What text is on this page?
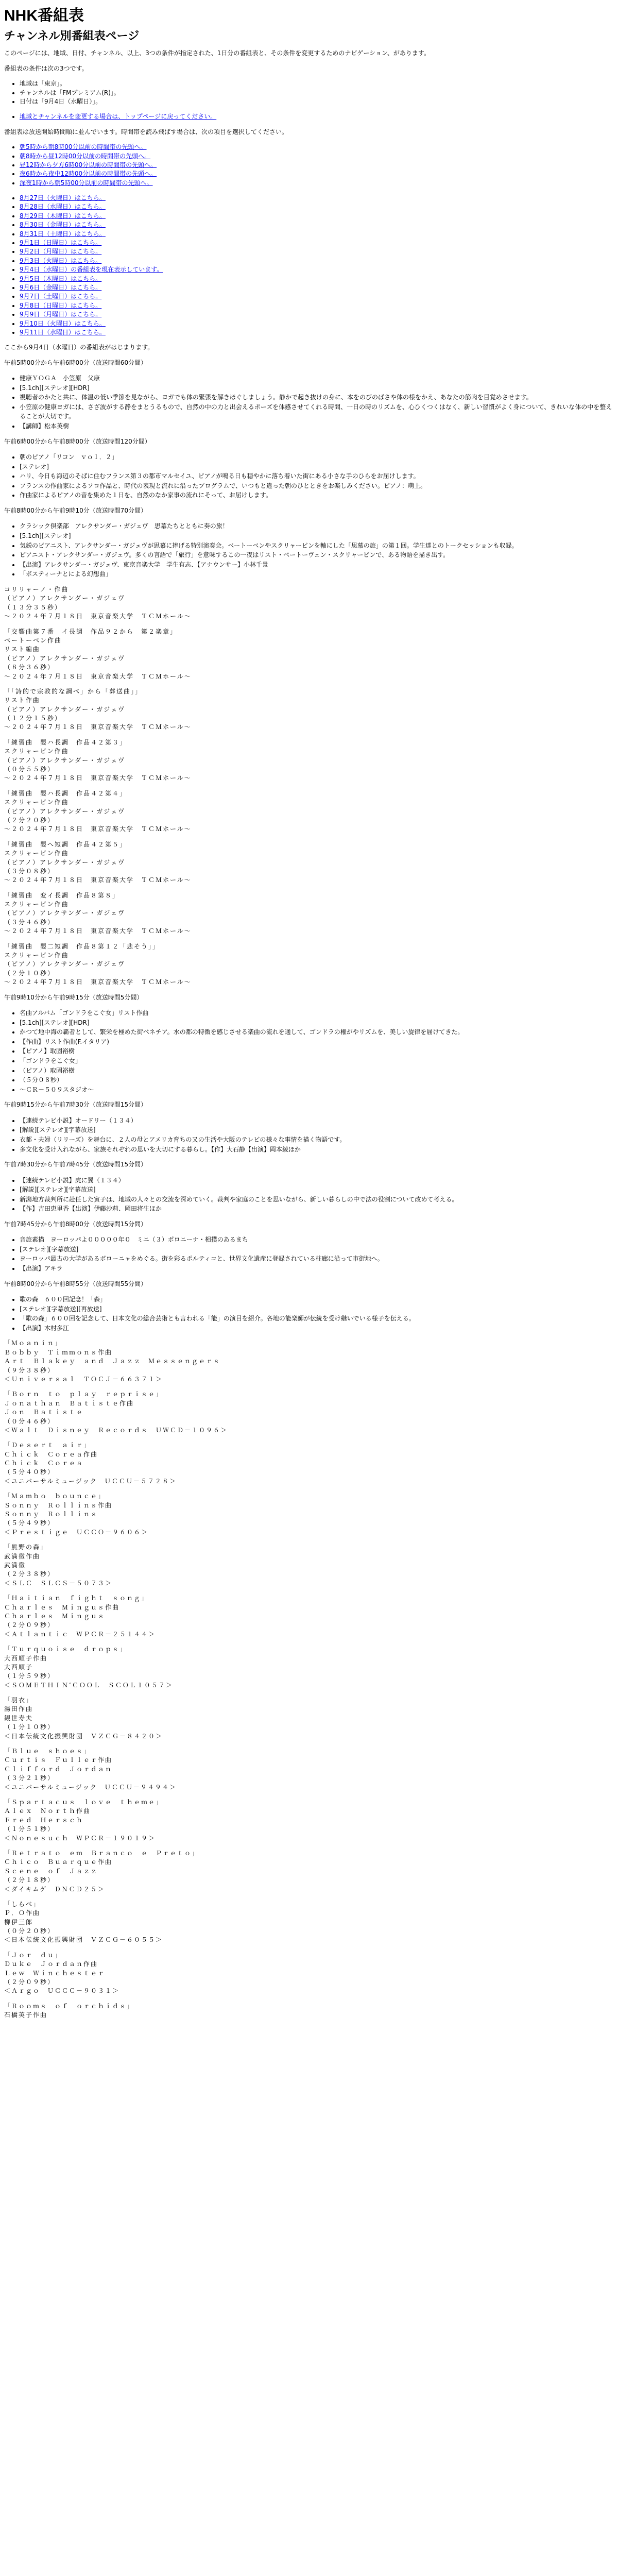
NHK番組表
チャンネル別番組表ページ

このページには、地域、日付、チャンネル、以上、3つの条件が指定された、1日分の番組表と、その条件を変更するためのナビゲーション、があります。

番組表の条件は次の3つです。

• 地域は「東京」。
• チャンネルは「FMプレミアム(R)」。
• 日付は「9月4日（水曜日）」。
• 地域とチャンネルを変更する場合は、トップページに戻ってください。

番組表は放送開始時間順に並んでいます。時間帯を読み飛ばす場合は、次の項目を選択してください。

• 朝5時から朝8時00分以前の時間帯の先頭へ。
• 朝8時から昼12時00分以前の時間帯の先頭へ。
• 昼12時から夕方6時00分以前の時間帯の先頭へ。
• 夜6時から夜中12時00分以前の時間帯の先頭へ。
• 深夜1時から朝5時00分以前の時間帯の先頭へ。
• 8月27日（火曜日）はこちら。
• 8月28日（水曜日）はこちら。
• 8月29日（木曜日）はこちら。
• 8月30日（金曜日）はこちら。
• 8月31日（土曜日）はこちら。
• 9月1日（日曜日）はこちら。
• 9月2日（月曜日）はこちら。
• 9月3日（火曜日）はこちら。
• 9月4日（水曜日）の番組表を現在表示しています。
• 9月5日（木曜日）はこちら。
• 9月6日（金曜日）はこちら。
• 9月7日（土曜日）はこちら。
• 9月8日（日曜日）はこちら。
• 9月9日（月曜日）はこちら。
• 9月10日（火曜日）はこちら。
• 9月11日（水曜日）はこちら。

ここから9月4日（水曜日）の番組表がはじまります。

午前5時00分から午前6時00分（放送時間60分間）

• 健康ＹＯＧＡ　小笠原　父康
• [5.1ch][ステレオ][HDR]
• 視聴者のかたと共に、体温の低い季節を見ながら、ヨガでも体の緊張を解きほぐしましょう。静かで起き抜けの身に、本をのびのばさや体の様をかえ、あなたの筋肉を目覚めさせます。
• 小笠原の健康ヨガには、さざ波がする静をまとうるもので、自然の中の力と出会えるポーズを体感させてくれる時間、一日の時のリズムを、心ひくつくはなく、新しい習慣がよく身について、きれいな体の中を整えることが大切です。
• 【講師】松本英樹

午前6時00分から午前8時00分（放送時間120分間）

• 朝のピアノ「リコン　ｖｏｌ．２」
• [ステレオ]
• ハリ、今日も海辺のそばに住むフランス第３の都市マルセイユ、ピアノが鳴る日も穏やかに落ち着いた街にある小さな手のひらをお届けします。
• フランスの作曲家によるソロ作品と、時代の表現と流れに沿ったプログラムで、いつもと違った朝のひとときをお楽しみください。ピアノ：萌上。
• 作曲家によるピアノの音を集めた１日を、自然のなか家事の流れにそって、お届けします。

午前8時00分から午前9時10分（放送時間70分間）

• クラシック倶楽部　アレクサンダー・ガジェヴ　思慕たちとともに奏の旅！
• [5.1ch][ステレオ]
• 気鋭のピアニスト、アレクサンダー・ガジェヴが思慕に捧げる特別演奏会。ベートーベンやスクリャービンを軸にした「思慕の旅」の第１回。学生達とのトークセッションも収録。
• ピアニスト・アレクサンダー・ガジェヴ。多くの言語で「旅行」を意味するこの一夜はリスト・ベートーヴェン・スクリャービンで、ある物語を描き出す。
• 【出演】アレクサンダー・ガジェヴ、東京音楽大学　学生有志、【アナウンサー】小林千景
• 「ボスティーナとによる幻想曲」
コリリャーノ・作曲
（ピアノ）アレクサンダー・ガジェヴ
（１３分３５秒）
～２０２４年７月１８日　東京音楽大学　ＴＣＭホール～
「交響曲第７番　イ長調　作品９２から　第２楽章」
ベートーベン作曲
リスト編曲
（ピアノ）アレクサンダー・ガジェヴ
（８分３６秒）
～２０２４年７月１８日　東京音楽大学　ＴＣＭホール～
「「詩的で宗教的な調べ」から「葬送曲」」
リスト作曲
（ピアノ）アレクサンダー・ガジェヴ
（１２分１５秒）
～２０２４年７月１８日　東京音楽大学　ＴＣＭホール～
「練習曲　嬰ハ長調　作品４２第３」
スクリャービン作曲
（ピアノ）アレクサンダー・ガジェヴ
（０分５５秒）
～２０２４年７月１８日　東京音楽大学　ＴＣＭホール～
「練習曲　嬰ハ長調　作品４２第４」
スクリャービン作曲
（ピアノ）アレクサンダー・ガジェヴ
（２分２０秒）
～２０２４年７月１８日　東京音楽大学　ＴＣＭホール～
「練習曲　嬰へ短調　作品４２第５」
スクリャービン作曲
（ピアノ）アレクサンダー・ガジェヴ
（３分０８秒）
～２０２４年７月１８日　東京音楽大学　ＴＣＭホール～
「練習曲　変イ長調　作品８第８」
スクリャービン作曲
（ピアノ）アレクサンダー・ガジェヴ
（３分４６秒）
～２０２４年７月１８日　東京音楽大学　ＴＣＭホール～
「練習曲　嬰二短調　作品８第１２「悲そう」」
スクリャービン作曲
（ピアノ）アレクサンダー・ガジェヴ
（２分１０秒）
～２０２４年７月１８日　東京音楽大学　ＴＣＭホール～

午前9時10分から午前9時15分（放送時間5分間）

• 名曲アルバム「ゴンドラをこぐ女」リスト作曲
• [5.1ch][ステレオ][HDR]
• かつて地中海の覇者として、繁栄を極めた街ベネチア。水の都の特徴を感じさせる楽曲の流れを通して、ゴンドラの櫂がやリズムを、美しい旋律を届けてきた。
• 【作曲】リスト作曲(F.イタリア)
• 【ピアノ】取固裕樹
• 「ゴンドラをこぐ女」
• （ピアノ）取固裕樹
• （５分０８秒）
• ～ＣＲ－５０９スタジオ～

午前9時15分から午前7時30分（放送時間15分間）

• 【連続テレビ小説】オードリー（１３４）
• [解説][ステレオ][字幕放送]
• 衣都・夫婦（リリーズ）を舞台に、２人の母とアメリカ育ちの又の生活や大阪のテレビの様々な事情を描く物語です。
• 多文化を受け入れながら、家族それぞれの思いを大切にする暮らし。【作】大石静【出演】岡本綾ほか

午前7時30分から午前7時45分（放送時間15分間）

• 【連続テレビ小説】虎に翼（１３４）
• [解説][ステレオ][字幕放送]
• 新潟地方裁判所に赴任した寅子は、地域の人々との交流を深めていく。裁判や家庭のことを思いながら、新しい暮らしの中で法の役割について改めて考える。
• 【作】吉田恵里香【出演】伊藤沙莉、岡田将生ほか

午前7時45分から午前8時00分（放送時間15分間）

• 音旅素描　ヨーロッパよ０００００年０　ミニ（３）ポロニーナ・相撲のあるまち
• [ステレオ][字幕放送]
• ヨーロッパ最古の大学があるボローニャをめぐる。街を彩るポルティコと、世界文化遺産に登録されている柱廊に沿って市街地へ。
• 【出演】アキラ

午前8時00分から午前8時55分（放送時間55分間）

• 歌の森　６００回記念！「森」
• [ステレオ][字幕放送][再放送]
• 「歌の森」６００回を記念して、日本文化の総合芸術とも言われる「能」の演目を紹介。各地の能楽師が伝統を受け継いでいる様子を伝える。
• 【出演】木村多江
「Ｍｏａｎｉｎ」
Ｂｏｂｂｙ　Ｔｉｍｍｏｎｓ作曲
Ａｒｔ　Ｂｌａｋｅｙ　ａｎｄ　Ｊａｚｚ　Ｍｅｓｓｅｎｇｅｒｓ
（９分３８秒）
＜Ｕｎｉｖｅｒｓａｌ　ＴＯＣＪ－６６３７１＞
「Ｂｏｒｎ　ｔｏ　ｐｌａｙ　ｒｅｐｒｉｓｅ」
Ｊｏｎａｔｈａｎ　Ｂａｔｉｓｔｅ作曲
Ｊｏｎ　Ｂａｔｉｓｔｅ
（０分４６秒）
＜Ｗａｌｔ　Ｄｉｓｎｅｙ　Ｒｅｃｏｒｄｓ　ＵＷＣＤ－１０９６＞
「Ｄｅｓｅｒｔ　ａｉｒ」
Ｃｈｉｃｋ　Ｃｏｒｅａ作曲
Ｃｈｉｃｋ　Ｃｏｒｅａ
（５分４０秒）
＜ユニバーサルミュージック　ＵＣＣＵ－５７２８＞
「Ｍａｍｂｏ　ｂｏｕｎｃｅ」
Ｓｏｎｎｙ　Ｒｏｌｌｉｎｓ作曲
Ｓｏｎｎｙ　Ｒｏｌｌｉｎｓ
（５分４９秒）
＜Ｐｒｅｓｔｉｇｅ　ＵＣＣＯ－９６０６＞
「熊野の森」
武満徹作曲
武満徹
（２分３８秒）
＜ＳＬＣ　ＳＬＣＳ－５０７３＞
「Ｈａｉｔｉａｎ　ｆｉｇｈｔ　ｓｏｎｇ」
Ｃｈａｒｌｅｓ　Ｍｉｎｇｕｓ作曲
Ｃｈａｒｌｅｓ　Ｍｉｎｇｕｓ
（２分０９秒）
＜Ａｔｌａｎｔｉｃ　ＷＰＣＲ－２５１４４＞
「Ｔｕｒｑｕｏｉｓｅ　ｄｒｏｐｓ」
大西順子作曲
大西順子
（１分５９秒）
＜ＳＯＭＥＴＨＩＮ’ＣＯＯＬ　ＳＣＯＬ１０５７＞
「羽衣」
湯田作曲
観世寿夫
（１分１０秒）
＜日本伝統文化振興財団　ＶＺＣＧ－８４２０＞
「Ｂｌｕｅ　ｓｈｏｅｓ」
Ｃｕｒｔｉｓ　Ｆｕｌｌｅｒ作曲
Ｃｌｉｆｆｏｒｄ　Ｊｏｒｄａｎ
（３分２１秒）
＜ユニバーサルミュージック　ＵＣＣＵ－９４９４＞
「Ｓｐａｒｔａｃｕｓ　ｌｏｖｅ　ｔｈｅｍｅ」
Ａｌｅｘ　Ｎｏｒｔｈ作曲
Ｆｒｅｄ　Ｈｅｒｓｃｈ
（１分５１秒）
＜Ｎｏｎｅｓｕｃｈ　ＷＰＣＲ－１９０１９＞
「Ｒｅｔｒａｔｏ　ｅｍ　Ｂｒａｎｃｏ　ｅ　Ｐｒｅｔｏ」
Ｃｈｉｃｏ　Ｂｕａｒｑｕｅ作曲
Ｓｃｅｎｅ　ｏｆ　Ｊａｚｚ
（２分１８秒）
＜ダイキムゲ　ＤＮＣＤ２５＞
「しらべ」
Ｐ．Ｏ作曲
柳伊三郎
（０分２０秒）
＜日本伝統文化振興財団　ＶＺＣＧ－６０５５＞
「Ｊｏｒ　ｄｕ」
Ｄｕｋｅ　Ｊｏｒｄａｎ作曲
Ｌｅｗ　Ｗｉｎｃｈｅｓｔｅｒ
（２分０９秒）
＜Ａｒｇｏ　ＵＣＣＣ－９０３１＞
「Ｒｏｏｍｓ　ｏｆ　ｏｒｃｈｉｄｓ」
石橋英子作曲
